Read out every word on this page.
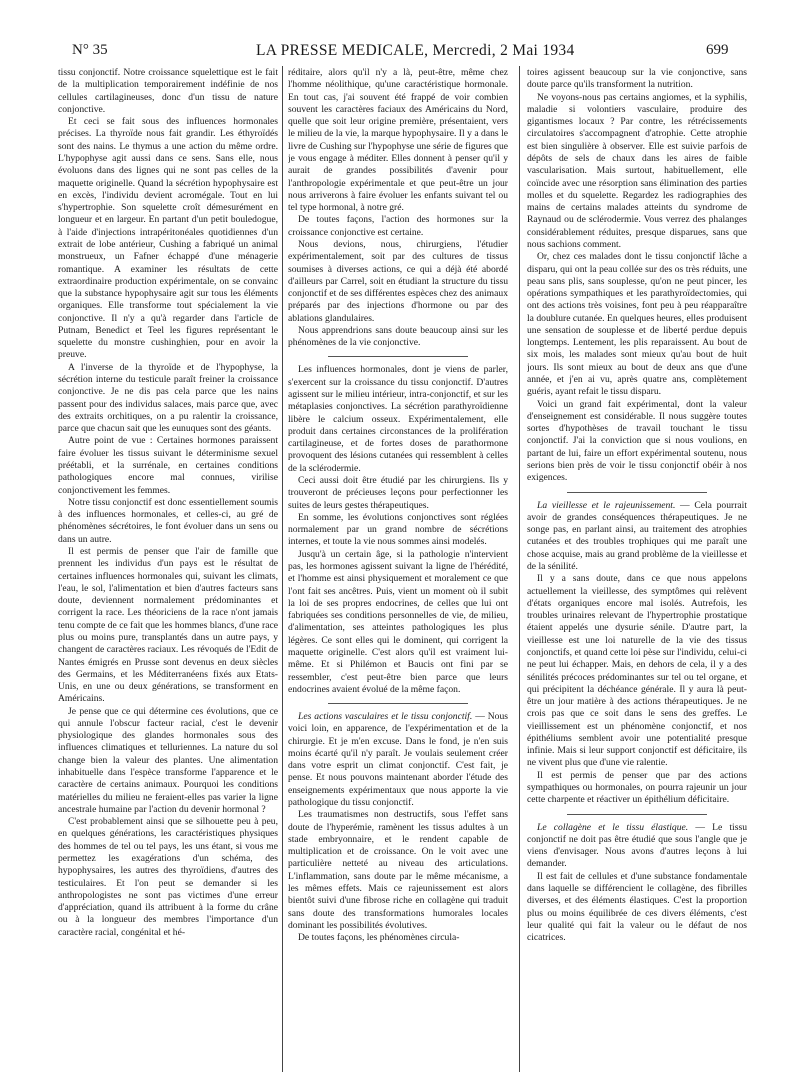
N° 35	LA PRESSE MEDICALE, Mercredi, 2 Mai 1934	699

tissu conjonctif. Notre croissance squelettique est le fait de la multiplication temporairement indéfinie de nos cellules cartilagineuses, donc d'un tissu de nature conjonctive.

Et ceci se fait sous des influences hormonales précises. La thyroïde nous fait grandir. Les éthyroïdés sont des nains. Le thymus a une action du même ordre. L'hypophyse agit aussi dans ce sens. Sans elle, nous évoluons dans des lignes qui ne sont pas celles de la maquette originelle. Quand la sécrétion hypophysaire est en excès, l'individu devient acromégale. Tout en lui s'hypertrophie. Son squelette croît démesurément en longueur et en largeur. En partant d'un petit bouledogue, à l'aide d'injections intrapéritonéales quotidiennes d'un extrait de lobe antérieur, Cushing a fabriqué un animal monstrueux, un Fafner échappé d'une ménagerie romantique. A examiner les résultats de cette extraordinaire production expérimentale, on se convainc que la substance hypophysaire agit sur tous les éléments organiques. Elle transforme tout spécialement la vie conjonctive. Il n'y a qu'à regarder dans l'article de Putnam, Benedict et Teel les figures représentant le squelette du monstre cushinghien, pour en avoir la preuve.

A l'inverse de la thyroïde et de l'hypophyse, la sécrétion interne du testicule paraît freiner la croissance conjonctive. Je ne dis pas cela parce que les nains passent pour des individus salaces, mais parce que, avec des extraits orchitiques, on a pu ralentir la croissance, parce que chacun sait que les eunuques sont des géants.

Autre point de vue : Certaines hormones paraissent faire évoluer les tissus suivant le déterminisme sexuel préétabli, et la surrénale, en certaines conditions pathologiques encore mal connues, virilise conjonctivement les femmes.

Notre tissu conjonctif est donc essentiellement soumis à des influences hormonales, et celles-ci, au gré de phénomènes sécrétoires, le font évoluer dans un sens ou dans un autre.

Il est permis de penser que l'air de famille que prennent les individus d'un pays est le résultat de certaines influences hormonales qui, suivant les climats, l'eau, le sol, l'alimentation et bien d'autres facteurs sans doute, deviennent normalement prédominantes et corrigent la race. Les théoriciens de la race n'ont jamais tenu compte de ce fait que les hommes blancs, d'une race plus ou moins pure, transplantés dans un autre pays, y changent de caractères raciaux. Les révoqués de l'Edit de Nantes émigrés en Prusse sont devenus en deux siècles des Germains, et les Méditerranéens fixés aux Etats-Unis, en une ou deux générations, se transforment en Américains.

Je pense que ce qui détermine ces évolutions, que ce qui annule l'obscur facteur racial, c'est le devenir physiologique des glandes hormonales sous des influences climatiques et telluriennes. La nature du sol change bien la valeur des plantes. Une alimentation inhabituelle dans l'espèce transforme l'apparence et le caractère de certains animaux. Pourquoi les conditions matérielles du milieu ne feraient-elles pas varier la ligne ancestrale humaine par l'action du devenir hormonal ?

C'est probablement ainsi que se silhouette peu à peu, en quelques générations, les caractéristiques physiques des hommes de tel ou tel pays, les uns étant, si vous me permettez les exagérations d'un schéma, des hypophysaires, les autres des thyroïdiens, d'autres des testiculaires. Et l'on peut se demander si les anthropologistes ne sont pas victimes d'une erreur d'appréciation, quand ils attribuent à la forme du crâne ou à la longueur des membres l'importance d'un caractère racial, congénital et hé-

réditaire, alors qu'il n'y a là, peut-être, même chez l'homme néolithique, qu'une caractéristique hormonale. En tout cas, j'ai souvent été frappé de voir combien souvent les caractères faciaux des Américains du Nord, quelle que soit leur origine première, présentaient, vers le milieu de la vie, la marque hypophysaire. Il y a dans le livre de Cushing sur l'hypophyse une série de figures que je vous engage à méditer. Elles donnent à penser qu'il y aurait de grandes possibilités d'avenir pour l'anthropologie expérimentale et que peut-être un jour nous arriverons à faire évoluer les enfants suivant tel ou tel type hormonal, à notre gré.

De toutes façons, l'action des hormones sur la croissance conjonctive est certaine.

Nous devions, nous, chirurgiens, l'étudier expérimentalement, soit par des cultures de tissus soumises à diverses actions, ce qui a déjà été abordé d'ailleurs par Carrel, soit en étudiant la structure du tissu conjonctif et de ses différentes espèces chez des animaux préparés par des injections d'hormone ou par des ablations glandulaires.

Nous apprendrions sans doute beaucoup ainsi sur les phénomènes de la vie conjonctive.

Les influences hormonales, dont je viens de parler, s'exercent sur la croissance du tissu conjonctif. D'autres agissent sur le milieu intérieur, intra-conjonctif, et sur les métaplasies conjonctives. La sécrétion parathyroïdienne libère le calcium osseux. Expérimentalement, elle produit dans certaines circonstances de la prolifération cartilagineuse, et de fortes doses de parathormone provoquent des lésions cutanées qui ressemblent à celles de la sclérodermie.

Ceci aussi doit être étudié par les chirurgiens. Ils y trouveront de précieuses leçons pour perfectionner les suites de leurs gestes thérapeutiques.

En somme, les évolutions conjonctives sont réglées normalement par un grand nombre de sécrétions internes, et toute la vie nous sommes ainsi modelés.

Jusqu'à un certain âge, si la pathologie n'intervient pas, les hormones agissent suivant la ligne de l'hérédité, et l'homme est ainsi physiquement et moralement ce que l'ont fait ses ancêtres. Puis, vient un moment où il subit la loi de ses propres endocrines, de celles que lui ont fabriquées ses conditions personnelles de vie, de milieu, d'alimentation, ses atteintes pathologiques les plus légères. Ce sont elles qui le dominent, qui corrigent la maquette originelle. C'est alors qu'il est vraiment lui-même. Et si Philémon et Baucis ont fini par se ressembler, c'est peut-être bien parce que leurs endocrines avaient évolué de la même façon.

Les actions vasculaires et le tissu conjonctif. — Nous voici loin, en apparence, de l'expérimentation et de la chirurgie. Et je m'en excuse. Dans le fond, je n'en suis moins écarté qu'il n'y paraît. Je voulais seulement créer dans votre esprit un climat conjonctif. C'est fait, je pense. Et nous pouvons maintenant aborder l'étude des enseignements expérimentaux que nous apporte la vie pathologique du tissu conjonctif.

Les traumatismes non destructifs, sous l'effet sans doute de l'hyperémie, ramènent les tissus adultes à un stade embryonnaire, et le rendent capable de multiplication et de croissance. On le voit avec une particulière netteté au niveau des articulations. L'inflammation, sans doute par le même mécanisme, a les mêmes effets. Mais ce rajeunissement est alors bientôt suivi d'une fibrose riche en collagène qui traduit sans doute des transformations humorales locales dominant les possibilités évolutives.

De toutes façons, les phénomènes circula-

toires agissent beaucoup sur la vie conjonctive, sans doute parce qu'ils transforment la nutrition.

Ne voyons-nous pas certains angiomes, et la syphilis, maladie si volontiers vasculaire, produire des gigantismes locaux ? Par contre, les rétrécissements circulatoires s'accompagnent d'atrophie. Cette atrophie est bien singulière à observer. Elle est suivie parfois de dépôts de sels de chaux dans les aires de faible vascularisation. Mais surtout, habituellement, elle coïncide avec une résorption sans élimination des parties molles et du squelette. Regardez les radiographies des mains de certains malades atteints du syndrome de Raynaud ou de sclérodermie. Vous verrez des phalanges considérablement réduites, presque disparues, sans que nous sachions comment.

Or, chez ces malades dont le tissu conjonctif lâche a disparu, qui ont la peau collée sur des os très réduits, une peau sans plis, sans souplesse, qu'on ne peut pincer, les opérations sympathiques et les parathyroïdectomies, qui ont des actions très voisines, font peu à peu réapparaître la doublure cutanée. En quelques heures, elles produisent une sensation de souplesse et de liberté perdue depuis longtemps. Lentement, les plis reparaissent. Au bout de six mois, les malades sont mieux qu'au bout de huit jours. Ils sont mieux au bout de deux ans que d'une année, et j'en ai vu, après quatre ans, complètement guéris, ayant refait le tissu disparu.

Voici un grand fait expérimental, dont la valeur d'enseignement est considérable. Il nous suggère toutes sortes d'hypothèses de travail touchant le tissu conjonctif. J'ai la conviction que si nous voulions, en partant de lui, faire un effort expérimental soutenu, nous serions bien près de voir le tissu conjonctif obéir à nos exigences.

La vieillesse et le rajeunissement. — Cela pourrait avoir de grandes conséquences thérapeutiques. Je ne songe pas, en parlant ainsi, au traitement des atrophies cutanées et des troubles trophiques qui me paraît une chose acquise, mais au grand problème de la vieillesse et de la sénilité.

Il y a sans doute, dans ce que nous appelons actuellement la vieillesse, des symptômes qui relèvent d'états organiques encore mal isolés. Autrefois, les troubles urinaires relevant de l'hypertrophie prostatique étaient appelés une dysurie sénile. D'autre part, la vieillesse est une loi naturelle de la vie des tissus conjonctifs, et quand cette loi pèse sur l'individu, celui-ci ne peut lui échapper. Mais, en dehors de cela, il y a des sénilités précoces prédominantes sur tel ou tel organe, et qui précipitent la déchéance générale. Il y aura là peut-être un jour matière à des actions thérapeutiques. Je ne crois pas que ce soit dans le sens des greffes. Le vieillissement est un phénomène conjonctif, et nos épithéliums semblent avoir une potentialité presque infinie. Mais si leur support conjonctif est déficitaire, ils ne vivent plus que d'une vie ralentie.

Il est permis de penser que par des actions sympathiques ou hormonales, on pourra rajeunir un jour cette charpente et réactiver un épithélium déficitaire.

Le collagène et le tissu élastique. — Le tissu conjonctif ne doit pas être étudié que sous l'angle que je viens d'envisager. Nous avons d'autres leçons à lui demander.

Il est fait de cellules et d'une substance fondamentale dans laquelle se différencient le collagène, des fibrilles diverses, et des éléments élastiques. C'est la proportion plus ou moins équilibrée de ces divers éléments, c'est leur qualité qui fait la valeur ou le défaut de nos cicatrices.
